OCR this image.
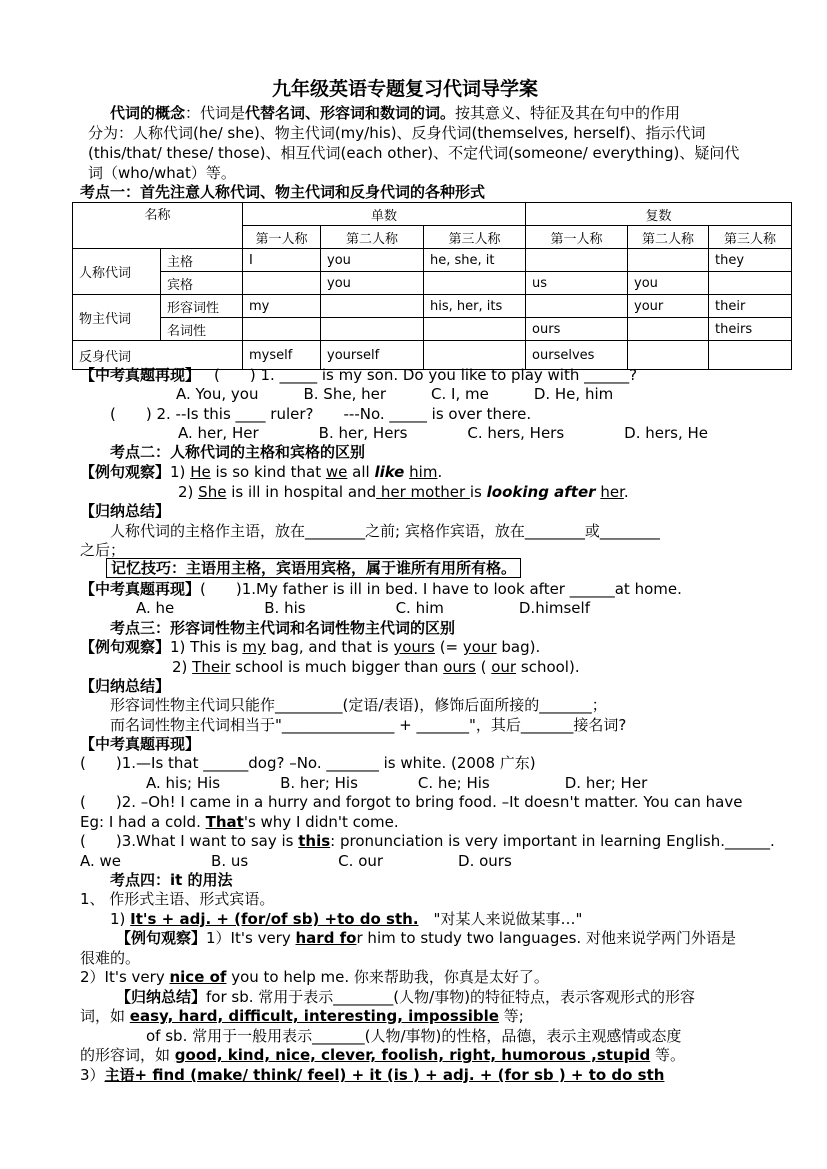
九年级英语专题复习代词导学案
代词的概念：代词是代替名词、形容词和数词的词。按其意义、特征及其在句中的作用
分为：人称代词(he/ she)、物主代词(my/his)、反身代词(themselves, herself)、指示代词
(this/that/ these/ those)、相互代词(each other)、不定代词(someone/ everything)、疑问代
词（who/what）等。
考点一：首先注意人称代词、物主代词和反身代词的各种形式
名称		单数			复数		
		第一人称	第二人称	第三人称	第一人称	第二人称	第三人称
人称代词	主格	I	you	he, she, it			they
	宾格		you		us	you	
物主代词	形容词性	my		his, her, its		your	their
	名词性				ours		theirs
反身代词		myself	yourself		ourselves		
【中考真题再现】 (　　) 1. _____ is my son. Do you like to play with ______?
A. You, you　　　B. She, her　　　C. I, me　　　D. He, him
(　　) 2. --Is this ____ ruler?　　---No. _____ is over there.
A. her, Her　　　　B. her, Hers　　　　C. hers, Hers　　　　D. hers, He
考点二：人称代词的主格和宾格的区别
【例句观察】1) He is so kind that we all like him.
2) She is ill in hospital and her mother is looking after her.
【归纳总结】
人称代词的主格作主语，放在________之前; 宾格作宾语，放在________或________
之后；
记忆技巧：主语用主格，宾语用宾格，属于谁所有用所有格。
【中考真题再现】(　　)1.My father is ill in bed. I have to look after ______at home.
A. he　　　　　　B. his　　　　　　C. him　　　　　D.himself
考点三：形容词性物主代词和名词性物主代词的区别
【例句观察】1) This is my bag, and that is yours (= your bag).
2) Their school is much bigger than ours ( our school).
【归纳总结】
形容词性物主代词只能作_________(定语/表语)，修饰后面所接的_______；
而名词性物主代词相当于"_______________ + _______"，其后_______接名词?
【中考真题再现】
(　　)1.—Is that ______dog? –No. _______ is white. (2008 广东)
A. his; His　　　　B. her; His　　　　C. he; His　　　　　D. her; Her
(　　)2. –Oh! I came in a hurry and forgot to bring food. –It doesn't matter. You can have
Eg: I had a cold. That's why I didn't come.
(　　)3.What I want to say is this: pronunciation is very important in learning English.______.
A. we　　　　　　B. us　　　　　　C. our　　　　　D. ours
考点四：it 的用法
1、 作形式主语、形式宾语。
1) It's + adj. + (for/of sb) +to do sth.　"对某人来说做某事…"
【例句观察】1）It's very hard for him to study two languages. 对他来说学两门外语是
很难的。
2）It's very nice of you to help me. 你来帮助我，你真是太好了。
【归纳总结】for sb. 常用于表示________(人物/事物)的特征特点，表示客观形式的形容
词，如 easy, hard, difficult, interesting, impossible 等;
of sb. 常用于一般用表示_______(人物/事物)的性格，品德，表示主观感情或态度
的形容词，如 good, kind, nice, clever, foolish, right, humorous ,stupid 等。
3）主语+ find (make/ think/ feel) + it (is ) + adj. + (for sb ) + to do sth
